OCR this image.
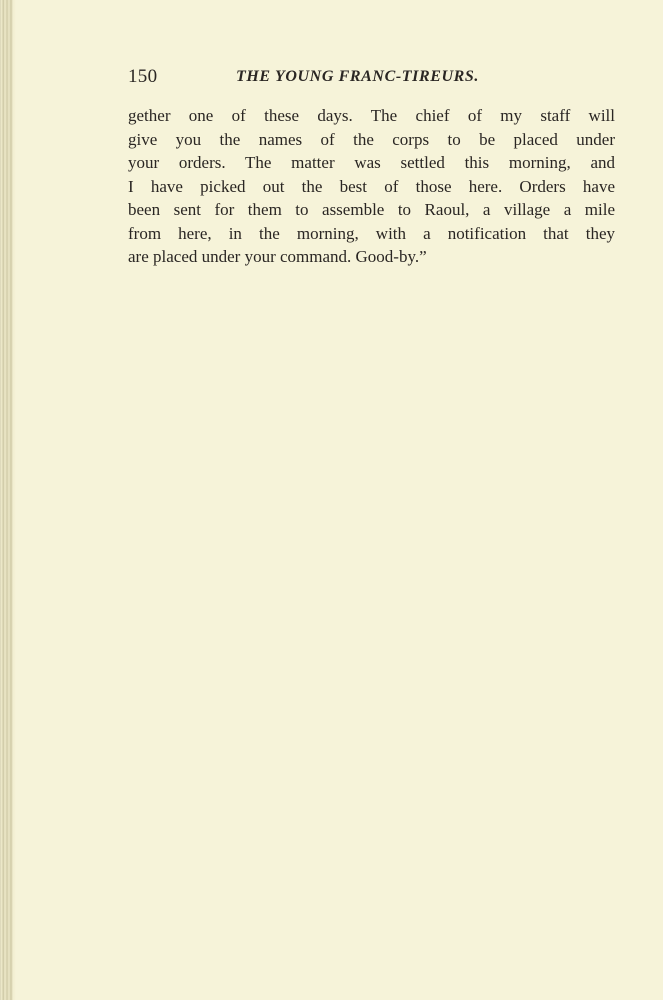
150	THE YOUNG FRANC-TIREURS.
gether one of these days. The chief of my staff will
give you the names of the corps to be placed under
your orders. The matter was settled this morning, and
I have picked out the best of those here. Orders have
been sent for them to assemble to Raoul, a village a mile
from here, in the morning, with a notification that they
are placed under your command. Good-by.”
